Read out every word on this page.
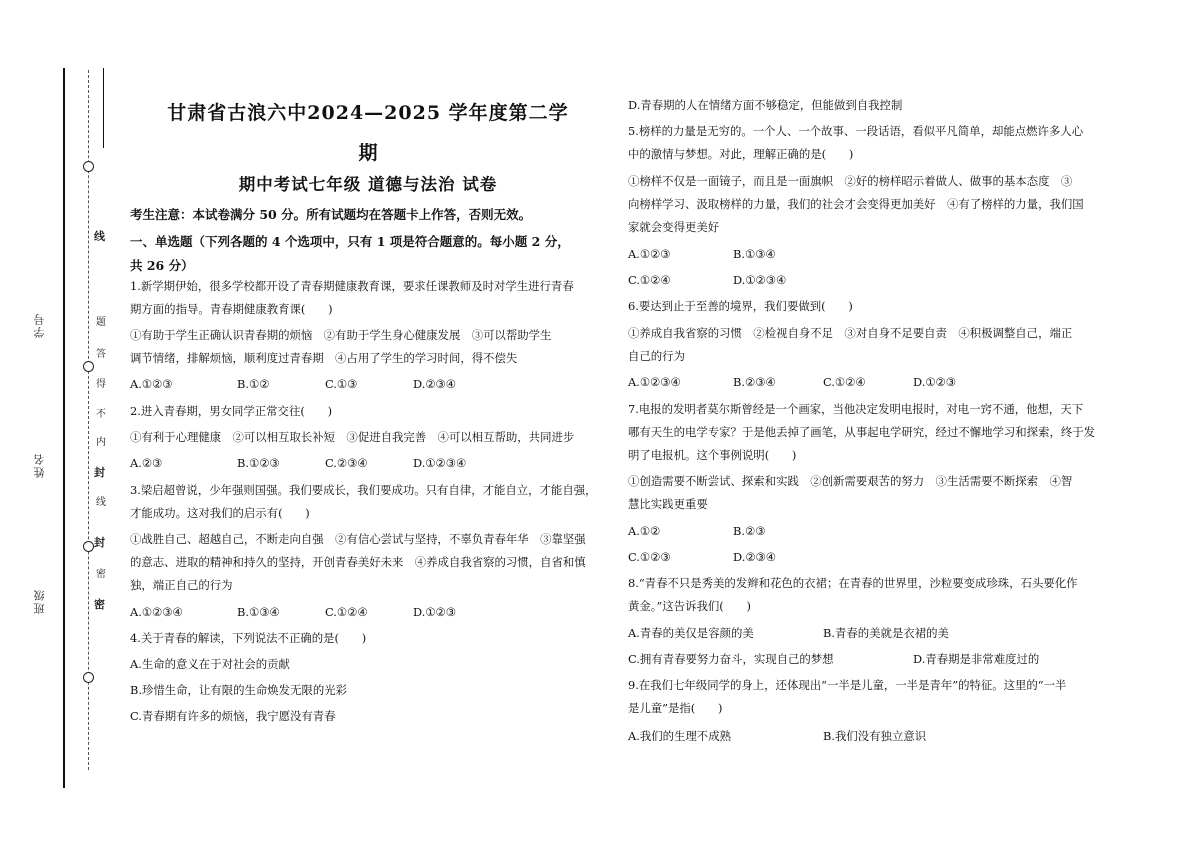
学号
姓名
班级
线
题
答
得
不
内
封
线
封
密
密
甘肃省古浪六中2024—2025 学年度第二学
期
期中考试七年级 道德与法治 试卷
考生注意：本试卷满分 50 分。所有试题均在答题卡上作答，否则无效。
一、单选题（下列各题的 4 个选项中，只有 1 项是符合题意的。每小题 2 分，
共 26 分）
1.新学期伊始，很多学校都开设了青春期健康教育课，要求任课教师及时对学生进行青春
期方面的指导。青春期健康教育课(　　)
①有助于学生正确认识青春期的烦恼　②有助于学生身心健康发展　③可以帮助学生
调节情绪，排解烦恼，顺利度过青春期　④占用了学生的学习时间，得不偿失
A.①②③	B.①②	C.①③	D.②③④
2.进入青春期，男女同学正常交往(　　)
①有利于心理健康　②可以相互取长补短　③促进自我完善　④可以相互帮助，共同进步
A.②③	B.①②③	C.②③④	D.①②③④
3.梁启超曾说，少年强则国强。我们要成长，我们要成功。只有自律，才能自立，才能自强，
才能成功。这对我们的启示有(　　)
①战胜自己、超越自己，不断走向自强　②有信心尝试与坚持，不辜负青春年华　③靠坚强
的意志、进取的精神和持久的坚持，开创青春美好未来　④养成自我省察的习惯，自省和慎
独，端正自己的行为
A.①②③④	B.①③④	C.①②④	D.①②③
4.关于青春的解读，下列说法不正确的是(　　)
A.生命的意义在于对社会的贡献
B.珍惜生命，让有限的生命焕发无限的光彩
C.青春期有许多的烦恼，我宁愿没有青春
D.青春期的人在情绪方面不够稳定，但能做到自我控制
5.榜样的力量是无穷的。一个人、一个故事、一段话语，看似平凡简单，却能点燃许多人心
中的激情与梦想。对此，理解正确的是(　　)
①榜样不仅是一面镜子，而且是一面旗帜　②好的榜样昭示着做人、做事的基本态度　③
向榜样学习、汲取榜样的力量，我们的社会才会变得更加美好　④有了榜样的力量，我们国
家就会变得更美好
A.①②③	B.①③④
C.①②④	D.①②③④
6.要达到止于至善的境界，我们要做到(　　)
①养成自我省察的习惯　②检视自身不足　③对自身不足要自责　④积极调整自己，端正
自己的行为
A.①②③④	B.②③④	C.①②④	D.①②③
7.电报的发明者莫尔斯曾经是一个画家，当他决定发明电报时，对电一窍不通，他想，天下
哪有天生的电学专家？于是他丢掉了画笔，从事起电学研究，经过不懈地学习和探索，终于发
明了电报机。这个事例说明(　　)
①创造需要不断尝试、探索和实践　②创新需要艰苦的努力　③生活需要不断探索　④智
慧比实践更重要
A.①②	B.②③
C.①②③	D.②③④
8.“青春不只是秀美的发辫和花色的衣裙；在青春的世界里，沙粒要变成珍珠，石头要化作
黄金。”这告诉我们(　　)
A.青春的美仅是容颜的美	B.青春的美就是衣裙的美
C.拥有青春要努力奋斗，实现自己的梦想	D.青春期是非常难度过的
9.在我们七年级同学的身上，还体现出“一半是儿童，一半是青年”的特征。这里的“一半
是儿童”是指(　　)
A.我们的生理不成熟	B.我们没有独立意识
